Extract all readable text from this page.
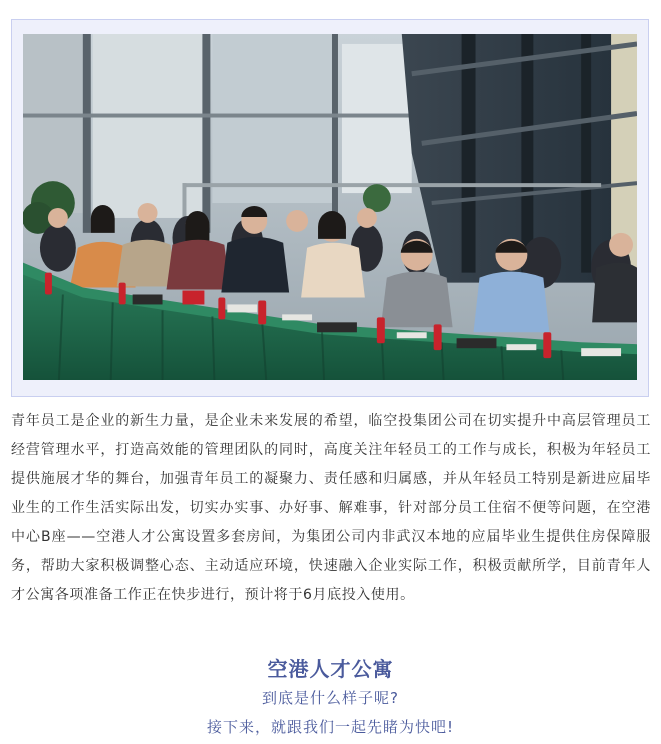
青年员工是企业的新生力量，是企业未来发展的希望，临空投集团公司在切实提升中高层管理员工经营管理水平，打造高效能的管理团队的同时，高度关注年轻员工的工作与成长，积极为年轻员工提供施展才华的舞台，加强青年员工的凝聚力、责任感和归属感，并从年轻员工特别是新进应届毕业生的工作生活实际出发，切实办实事、办好事、解难事，针对部分员工住宿不便等问题，在空港中心B座——空港人才公寓设置多套房间，为集团公司内非武汉本地的应届毕业生提供住房保障服务，帮助大家积极调整心态、主动适应环境，快速融入企业实际工作，积极贡献所学，目前青年人才公寓各项准备工作正在快步进行，预计将于6月底投入使用。

空港人才公寓

到底是什么样子呢?

接下来，就跟我们一起先睹为快吧!
